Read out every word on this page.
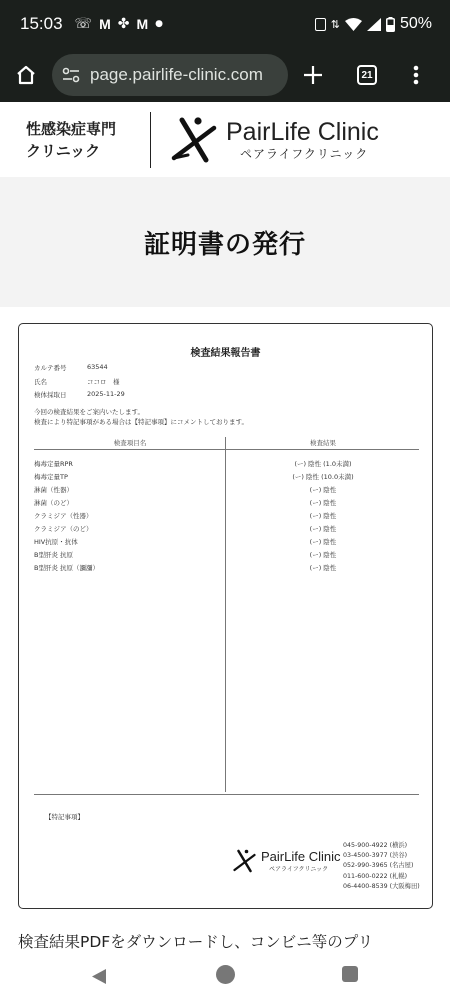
15:03 ☏ M ✤ M ●	⇅	50%
page.pairlife-clinic.com	21
性感染症専門
クリニック
PairLife Clinic
ペアライフクリニック
証明書の発行
検査結果報告書
カルテ番号	63544
氏名	ココロ　様
検体採取日	2025-11-29
今回の検査結果をご案内いたします。
検査により特記事項がある場合は【特記事項】にコメントしております。
検査項目名	検査結果
梅毒定量RPR	(ー) 陰性 (1.0未満)
梅毒定量TP	(ー) 陰性 (10.0未満)
淋菌（性器）	(ー) 陰性
淋菌（のど）	(ー) 陰性
クラミジア（性器）	(ー) 陰性
クラミジア（のど）	(ー) 陰性
HIV抗原・抗体	(ー) 陰性
B型肝炎 抗原	(ー) 陰性
B型肝炎 抗原（瀰瀰）	(ー) 陰性
【特記事項】
PairLife Clinic
ペアライフクリニック
045-900-4922 (横浜)
03-4500-3977 (渋谷)
052-990-3965 (名古屋)
011-600-0222 (札幌)
06-4400-8539 (大阪梅田)
検査結果PDFをダウンロードし、コンビニ等のプリ
